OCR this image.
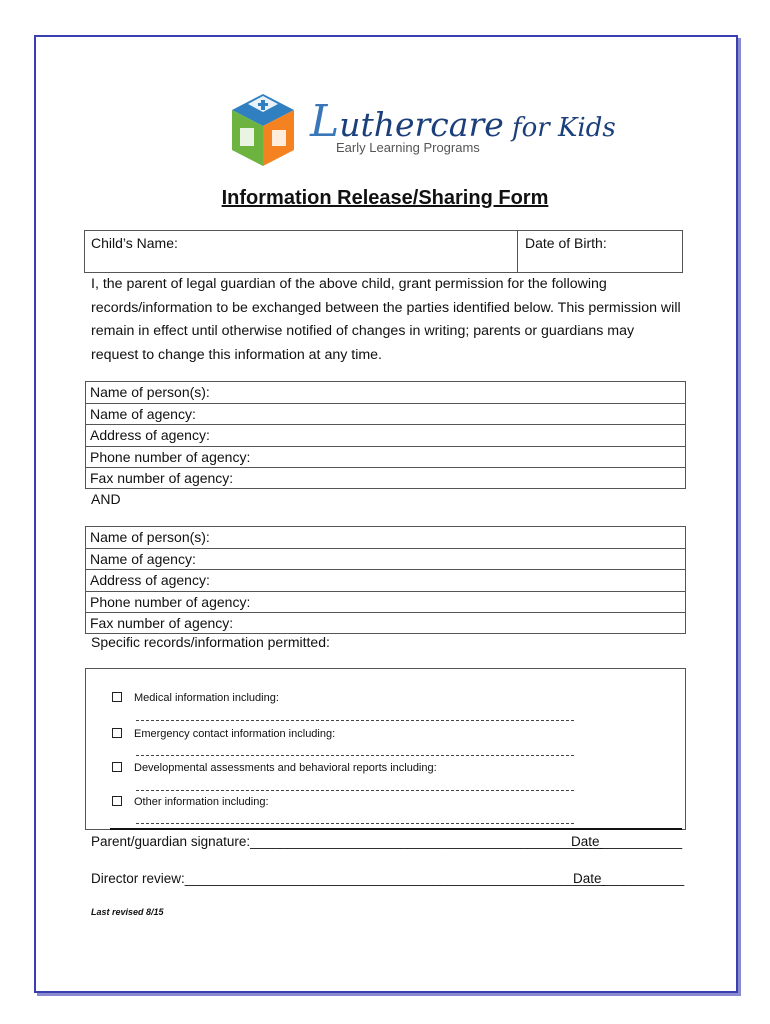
Luthercare for Kids
Early Learning Programs
Information Release/Sharing Form
Child’s Name:	Date of Birth:
I, the parent of legal guardian of the above child, grant permission for the following records/information to be exchanged between the parties identified below. This permission will remain in effect until otherwise notified of changes in writing; parents or guardians may request to change this information at any time.
Name of person(s):
Name of agency:
Address of agency:
Phone number of agency:
Fax number of agency:
AND
Name of person(s):
Name of agency:
Address of agency:
Phone number of agency:
Fax number of agency:
Specific records/information permitted:
Medical information including:
Emergency contact information including:
Developmental assessments and behavioral reports including:
Other information including:
Parent/guardian signature:_______________________________________________
Date___________
Director review:________________________________________________________
Date___________
Last revised 8/15
